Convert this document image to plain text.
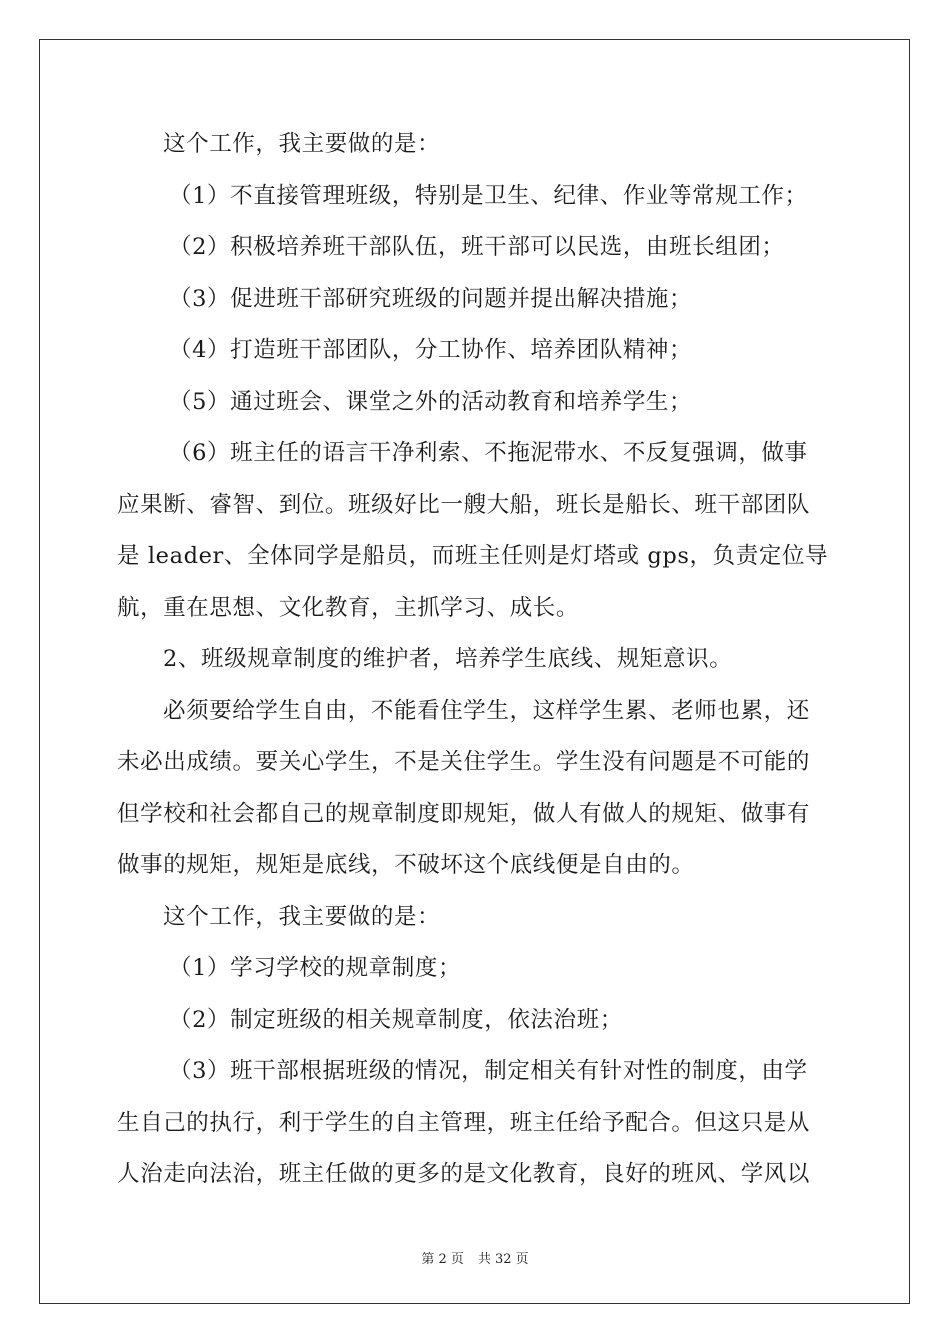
这个工作，我主要做的是：
（1）不直接管理班级，特别是卫生、纪律、作业等常规工作；
（2）积极培养班干部队伍，班干部可以民选，由班长组团；
（3）促进班干部研究班级的问题并提出解决措施；
（4）打造班干部团队，分工协作、培养团队精神；
（5）通过班会、课堂之外的活动教育和培养学生；
（6）班主任的语言干净利索、不拖泥带水、不反复强调，做事
应果断、睿智、到位。班级好比一艘大船，班长是船长、班干部团队
是 leader、全体同学是船员，而班主任则是灯塔或 gps，负责定位导
航，重在思想、文化教育，主抓学习、成长。
2、班级规章制度的维护者，培养学生底线、规矩意识。
必须要给学生自由，不能看住学生，这样学生累、老师也累，还
未必出成绩。要关心学生，不是关住学生。学生没有问题是不可能的
但学校和社会都自己的规章制度即规矩，做人有做人的规矩、做事有
做事的规矩，规矩是底线，不破坏这个底线便是自由的。
这个工作，我主要做的是：
（1）学习学校的规章制度；
（2）制定班级的相关规章制度，依法治班；
（3）班干部根据班级的情况，制定相关有针对性的制度，由学
生自己的执行，利于学生的自主管理，班主任给予配合。但这只是从
人治走向法治，班主任做的更多的是文化教育，良好的班风、学风以
第 2 页 共 32 页
